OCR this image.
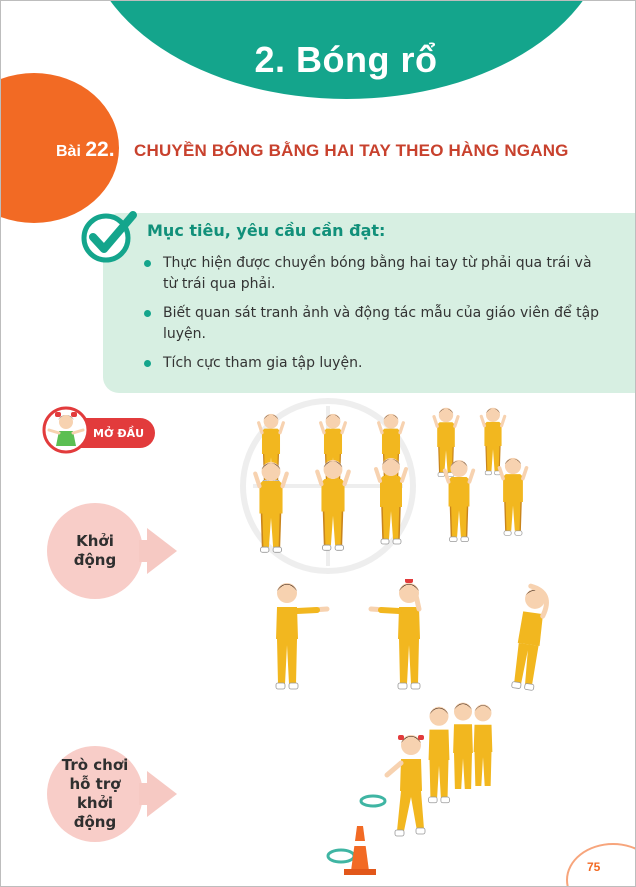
2. Bóng rổ
Bài 22. CHUYỀN BÓNG BẰNG HAI TAY THEO HÀNG NGANG
Mục tiêu, yêu cầu cần đạt:
Thực hiện được chuyền bóng bằng hai tay từ phải qua trái và từ trái qua phải.
Biết quan sát tranh ảnh và động tác mẫu của giáo viên để tập luyện.
Tích cực tham gia tập luyện.
MỞ ĐẦU
Khởi
động
Trò chơi hỗ trợ khởi động
75
